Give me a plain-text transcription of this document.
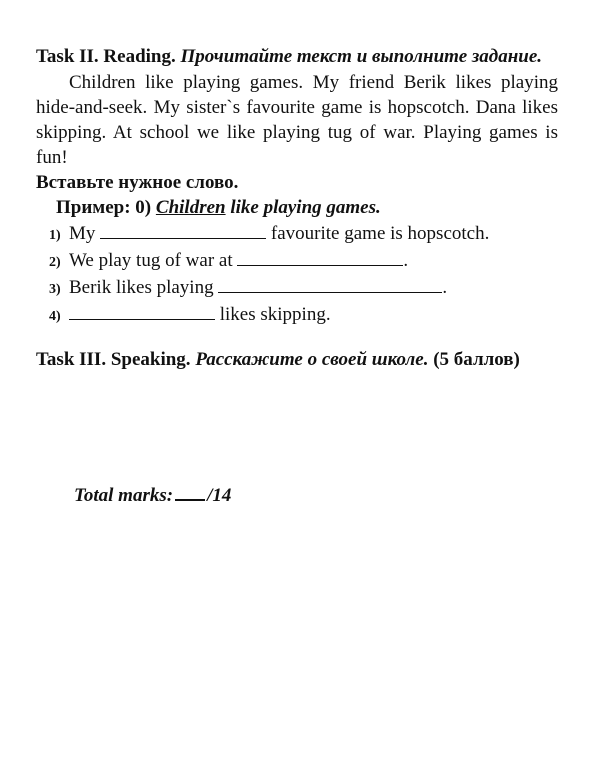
Task II. Reading. Прочитайте текст и выполните задание.

Children like playing games. My friend Berik likes playing hide-and-seek. My sister`s favourite game is hopscotch. Dana likes skipping. At school we like playing tug of war. Playing games is fun!

Вставьте нужное слово.

Пример: 0) Children like playing games.

1) My	favourite game is hopscotch.
2) We play tug of war at	.
3) Berik likes playing	.
4)	likes skipping.

Task III. Speaking. Расскажите о своей школе. (5 баллов)

Total marks: /14
